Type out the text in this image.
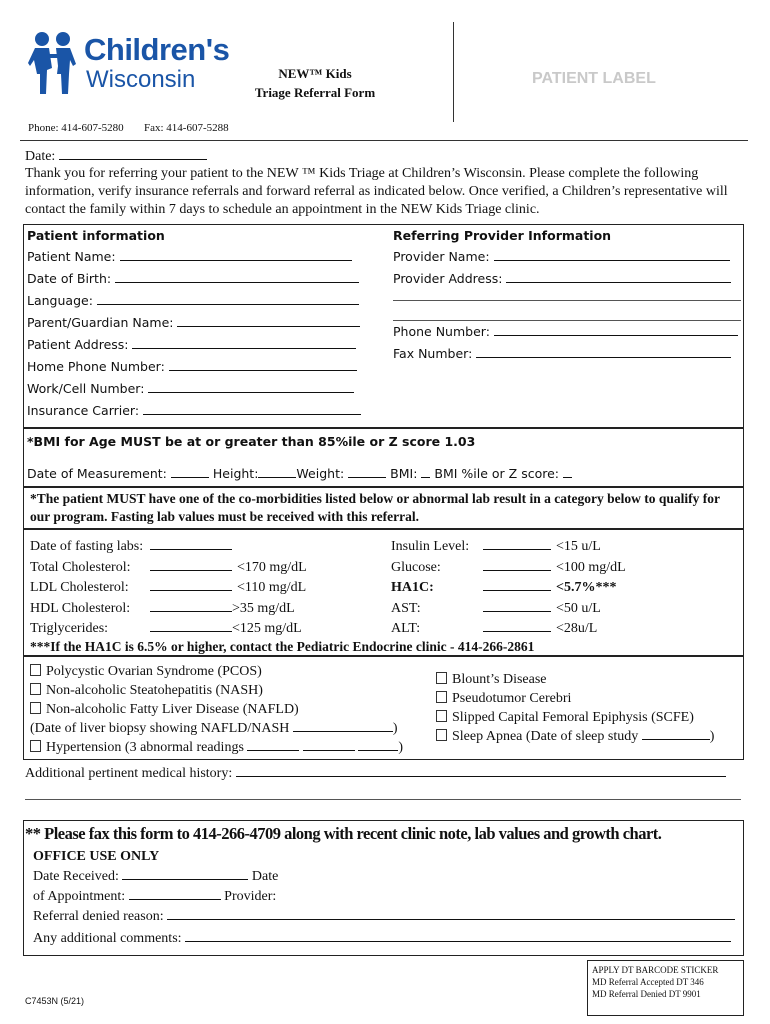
Children's
Wisconsin	NEW™ Kids
Triage Referral Form
PATIENT LABEL
Phone: 414-607-5280 Fax: 414-607-5288
Date:
Thank you for referring your patient to the NEW ™ Kids Triage at Children’s Wisconsin. Please complete the following information, verify insurance referrals and forward referral as indicated below. Once verified, a Children’s representative will contact the family within 7 days to schedule an appointment in the NEW Kids Triage clinic.
Patient information	Referring Provider Information
Patient Name:
Date of Birth:
Language:
Parent/Guardian Name:
Patient Address:
Home Phone Number:
Work/Cell Number:
Insurance Carrier:
Provider Name:
Provider Address:
Phone Number:
Fax Number:
*BMI for Age MUST be at or greater than 85%ile or Z score 1.03
Date of Measurement:	Height:	Weight:	BMI: BMI %ile or Z score:
*The patient MUST have one of the co-morbidities listed below or abnormal lab result in a category below to qualify for our program. Fasting lab values must be received with this referral.
Date of fasting labs:
Total Cholesterol:	<170 mg/dL
LDL Cholesterol:	<110 mg/dL
HDL Cholesterol:	>35 mg/dL
Triglycerides:	<125 mg/dL
Insulin Level:	<15 u/L
Glucose:	<100 mg/dL
HA1C:	<5.7%***
AST:	<50 u/L
ALT:	<28u/L
***If the HA1C is 6.5% or higher, contact the Pediatric Endocrine clinic - 414-266-2861
Polycystic Ovarian Syndrome (PCOS)
Non-alcoholic Steatohepatitis (NASH)
Non-alcoholic Fatty Liver Disease (NAFLD)
(Date of liver biopsy showing NAFLD/NASH	)
Hypertension (3 abnormal readings	)
Blount’s Disease
Pseudotumor Cerebri
Slipped Capital Femoral Epiphysis (SCFE)
Sleep Apnea (Date of sleep study	)
Additional pertinent medical history:
** Please fax this form to 414-266-4709 along with recent clinic note, lab values and growth chart.
OFFICE USE ONLY
Date Received:	Date
of Appointment:	Provider:
Referral denied reason:
Any additional comments:
C7453N (5/21)
APPLY DT BARCODE STICKER
MD Referral Accepted DT 346
MD Referral Denied DT 9901
